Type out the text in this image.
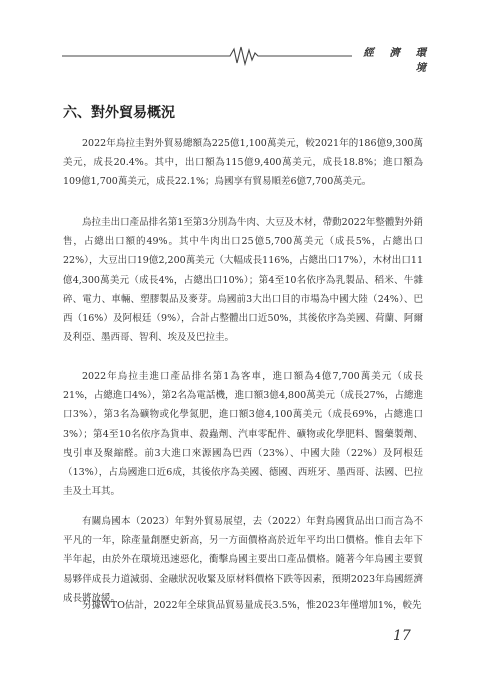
經 濟 環 境
六、對外貿易概況

2022年烏拉圭對外貿易總額為225億1,100萬美元，較2021年的186億9,300萬美元，成長20.4%。其中，出口額為115億9,400萬美元，成長18.8%；進口額為109億1,700萬美元，成長22.1%；烏國享有貿易順差6億7,700萬美元。

烏拉圭出口產品排名第1至第3分別為牛肉、大豆及木材，帶動2022年整體對外銷售，占總出口額的49%。其中牛肉出口25億5,700萬美元（成長5%，占總出口22%），大豆出口19億2,200萬美元（大幅成長116%，占總出口17%），木材出口11億4,300萬美元（成長4%，占總出口10%）；第4至10名依序為乳製品、稻米、牛雜碎、電力、車輛、塑膠製品及麥芽。烏國前3大出口目的市場為中國大陸（24%）、巴西（16%）及阿根廷（9%），合計占整體出口近50%，其後依序為美國、荷蘭、阿爾及利亞、墨西哥、智利、埃及及巴拉圭。

2022年烏拉圭進口產品排名第1為客車，進口額為4億7,700萬美元（成長21%，占總進口4%），第2名為電話機，進口額3億4,800萬美元（成長27%，占總進口3%），第3名為礦物或化學氮肥，進口額3億4,100萬美元（成長69%，占總進口3%）；第4至10名依序為貨車、殺蟲劑、汽車零配件、礦物或化學肥料、醫藥製劑、曳引車及聚縮醛。前3大進口來源國為巴西（23%）、中國大陸（22%）及阿根廷（13%），占烏國進口近6成，其後依序為美國、德國、西班牙、墨西哥、法國、巴拉圭及土耳其。

有關烏國本（2023）年對外貿易展望，去（2022）年對烏國貨品出口而言為不平凡的一年，除產量創歷史新高，另一方面價格高於近年平均出口價格。惟自去年下半年起，由於外在環境迅速惡化，衝擊烏國主要出口產品價格。隨著今年烏國主要貿易夥伴成長力道減弱、金融狀況收緊及原材料價格下跌等因素，預期2023年烏國經濟成長將放緩。

另據WTO估計，2022年全球貨品貿易量成長3.5%，惟2023年僅增加1%，較先

17
